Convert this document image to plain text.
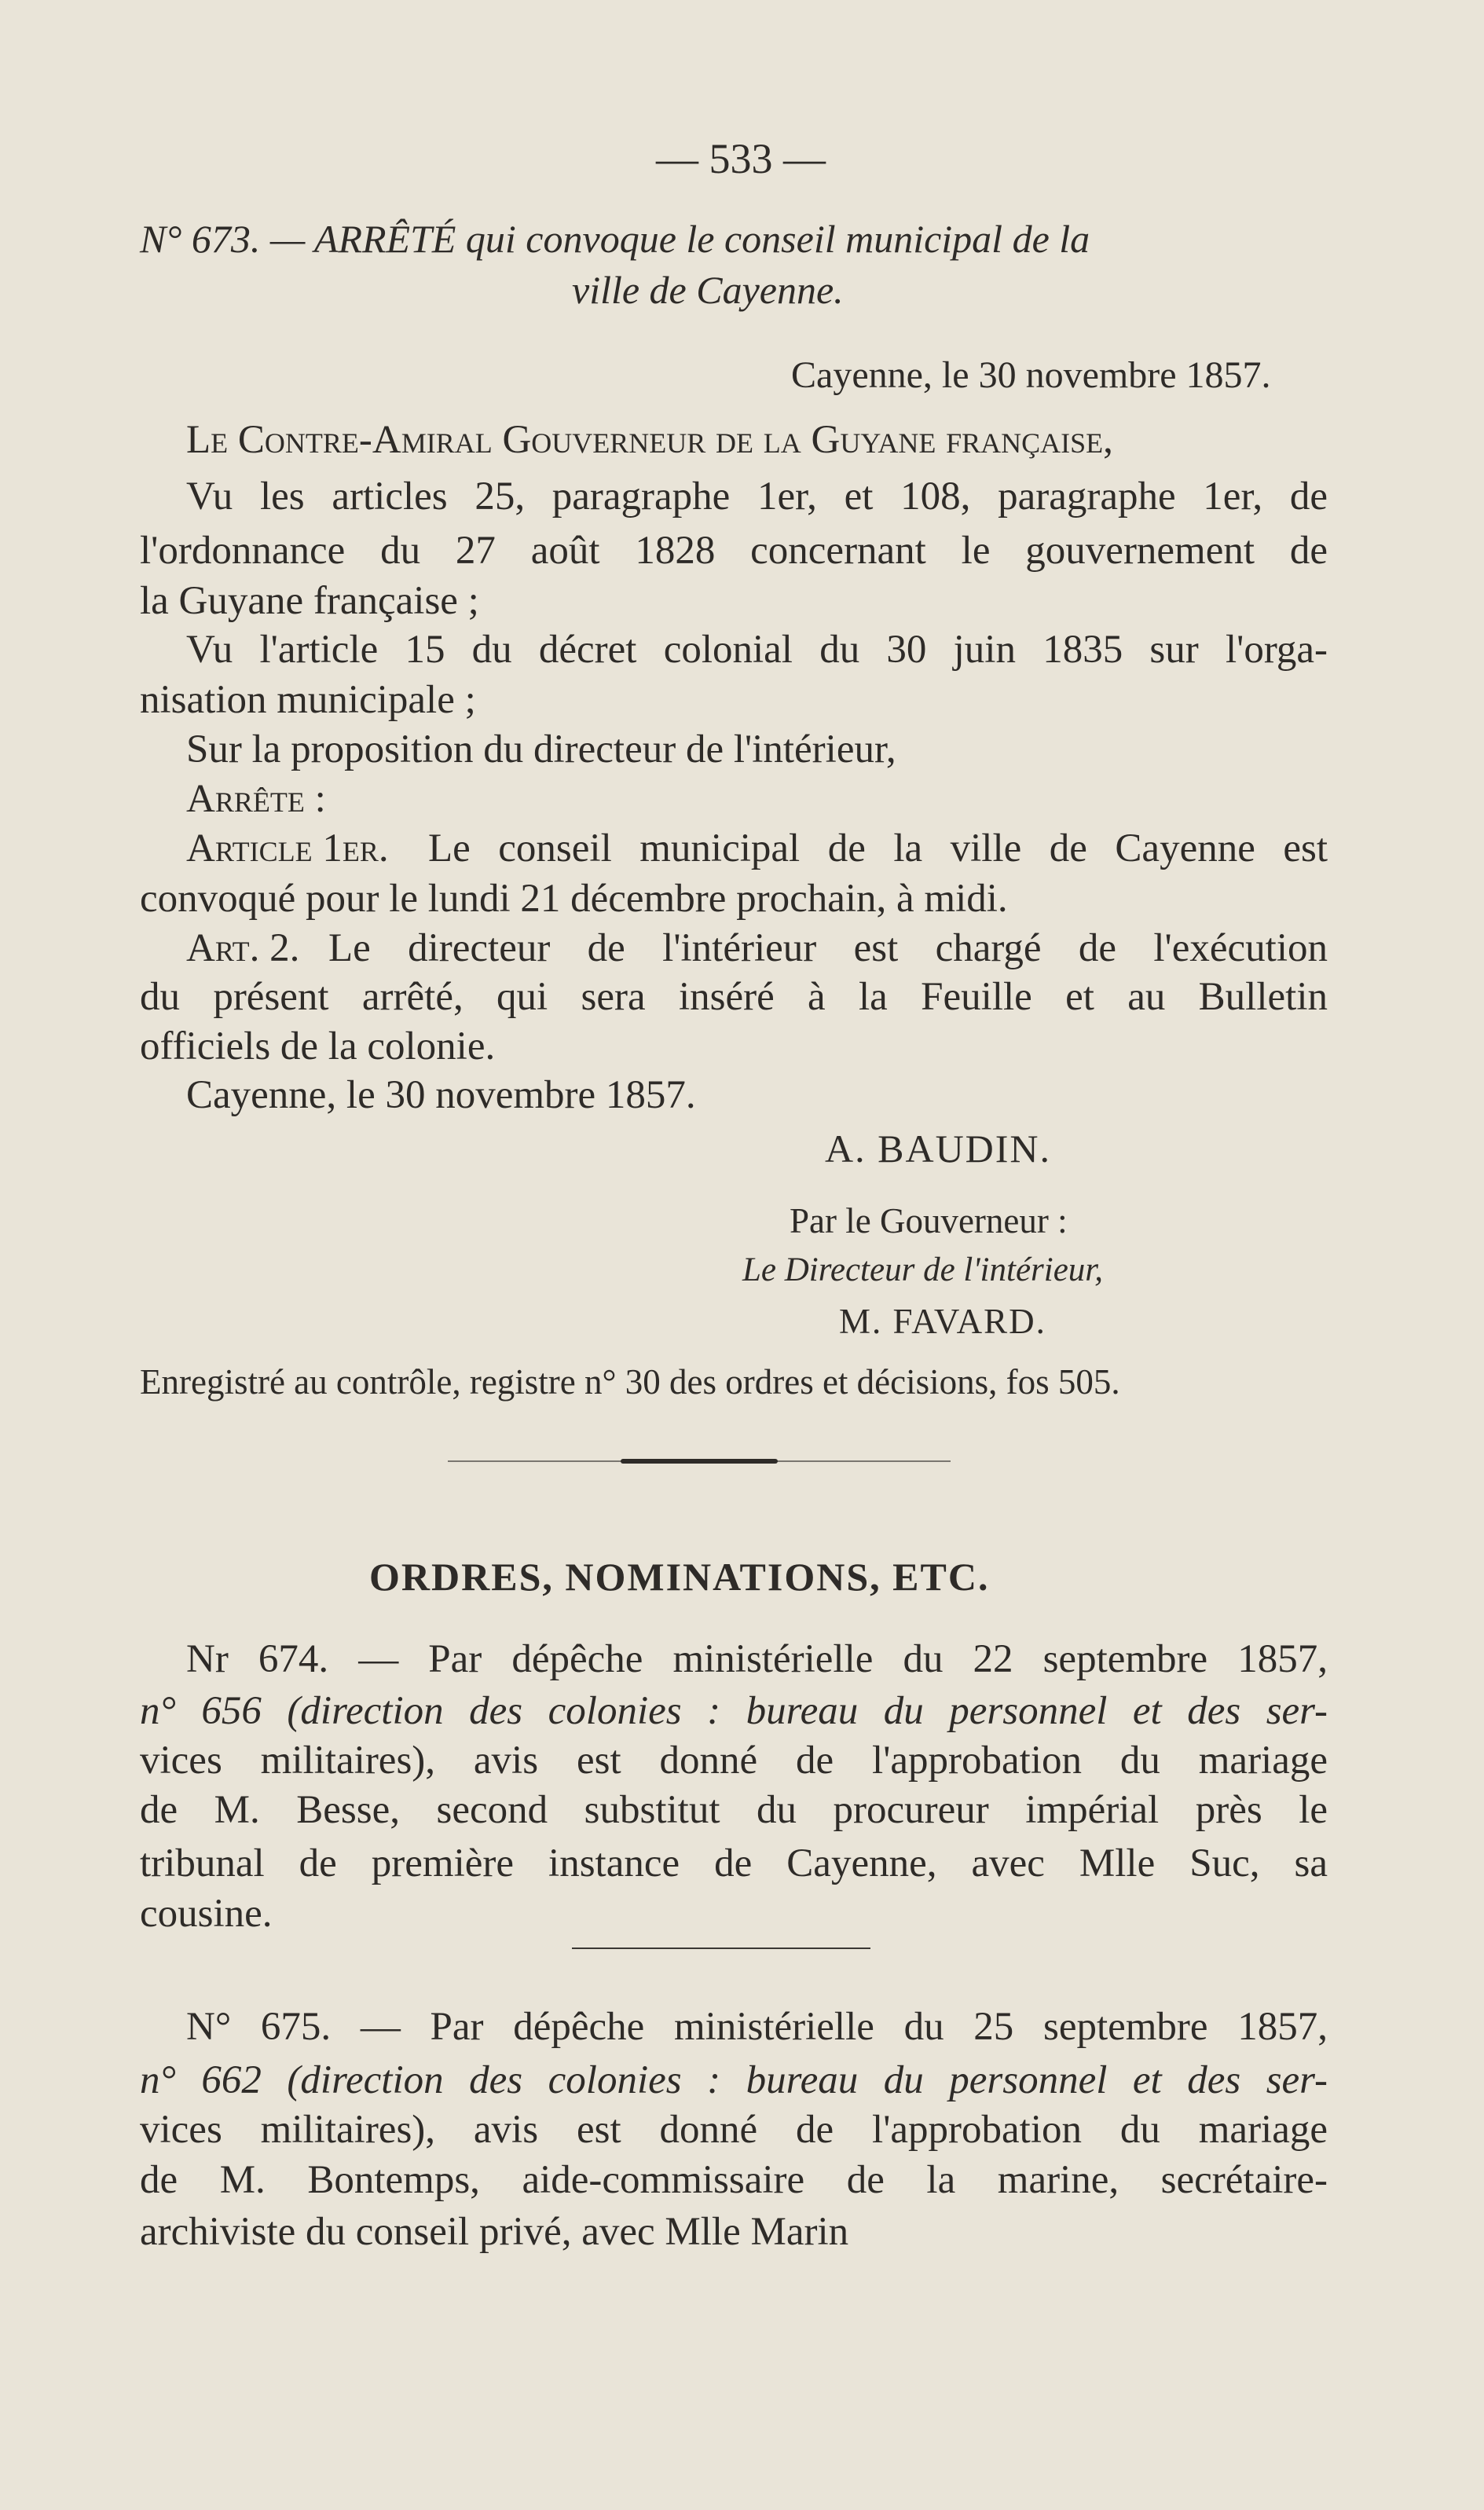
— 533 —
N° 673. — ARRÊTÉ qui convoque le conseil municipal de la
ville de Cayenne.
Cayenne, le 30 novembre 1857.
Le Contre-Amiral Gouverneur de la Guyane française,
Vu les articles 25, paragraphe 1er, et 108, paragraphe 1er, de
l'ordonnance du 27 août 1828 concernant le gouvernement de
la Guyane française ;
Vu l'article 15 du décret colonial du 30 juin 1835 sur l'orga-
nisation municipale ;
Sur la proposition du directeur de l'intérieur,
Arrête :
Article 1er. Le conseil municipal de la ville de Cayenne est
convoqué pour le lundi 21 décembre prochain, à midi.
Art. 2. Le directeur de l'intérieur est chargé de l'exécution
du présent arrêté, qui sera inséré à la Feuille et au Bulletin
officiels de la colonie.
Cayenne, le 30 novembre 1857.
A. BAUDIN.
Par le Gouverneur :
Le Directeur de l'intérieur,
M. FAVARD.
Enregistré au contrôle, registre n° 30 des ordres et décisions, fos 505.
ORDRES, NOMINATIONS, ETC.
Nr 674. — Par dépêche ministérielle du 22 septembre 1857,
n° 656 (direction des colonies : bureau du personnel et des ser-
vices militaires), avis est donné de l'approbation du mariage
de M. Besse, second substitut du procureur impérial près le
tribunal de première instance de Cayenne, avec Mlle Suc, sa
cousine.
N° 675. — Par dépêche ministérielle du 25 septembre 1857,
n° 662 (direction des colonies : bureau du personnel et des ser-
vices militaires), avis est donné de l'approbation du mariage
de M. Bontemps, aide-commissaire de la marine, secrétaire-
archiviste du conseil privé, avec Mlle Marin
